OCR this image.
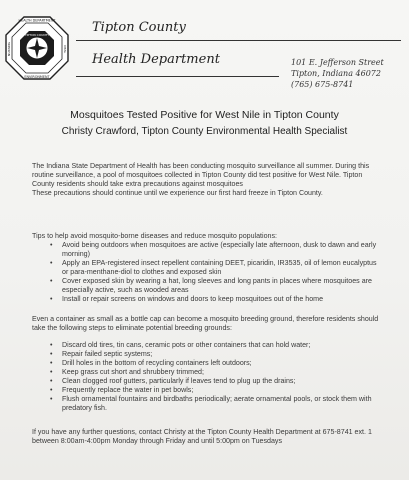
HEALTH DEPARTMENT
ENVIRONMENT
NURSING	VITAL
TIPTON COUNTY	Tipton County
Health Department	101 E. Jefferson Street
Tipton, Indiana 46072
(765) 675-8741
Mosquitoes Tested Positive for West Nile in Tipton County
Christy Crawford, Tipton County Environmental Health Specialist

The Indiana State Department of Health has been conducting mosquito surveillance all summer. During this routine surveillance, a pool of mosquitoes collected in Tipton County did test positive for West Nile. Tipton County residents should take extra precautions against mosquitoes

These precautions should continue until we experience our first hard freeze in Tipton County.

Tips to help avoid mosquito-borne diseases and reduce mosquito populations:

• Avoid being outdoors when mosquitoes are active (especially late afternoon, dusk to dawn and early morning)
• Apply an EPA-registered insect repellent containing DEET, picaridin, IR3535, oil of lemon eucalyptus or para-menthane-diol to clothes and exposed skin
• Cover exposed skin by wearing a hat, long sleeves and long pants in places where mosquitoes are especially active, such as wooded areas
• Install or repair screens on windows and doors to keep mosquitoes out of the home

Even a container as small as a bottle cap can become a mosquito breeding ground, therefore residents should take the following steps to eliminate potential breeding grounds:

• Discard old tires, tin cans, ceramic pots or other containers that can hold water;
• Repair failed septic systems;
• Drill holes in the bottom of recycling containers left outdoors;
• Keep grass cut short and shrubbery trimmed;
• Clean clogged roof gutters, particularly if leaves tend to plug up the drains;
• Frequently replace the water in pet bowls;
• Flush ornamental fountains and birdbaths periodically; aerate ornamental pools, or stock them with predatory fish.

If you have any further questions, contact Christy at the Tipton County Health Department at 675-8741 ext. 1 between 8:00am-4:00pm Monday through Friday and until 5:00pm on Tuesdays
